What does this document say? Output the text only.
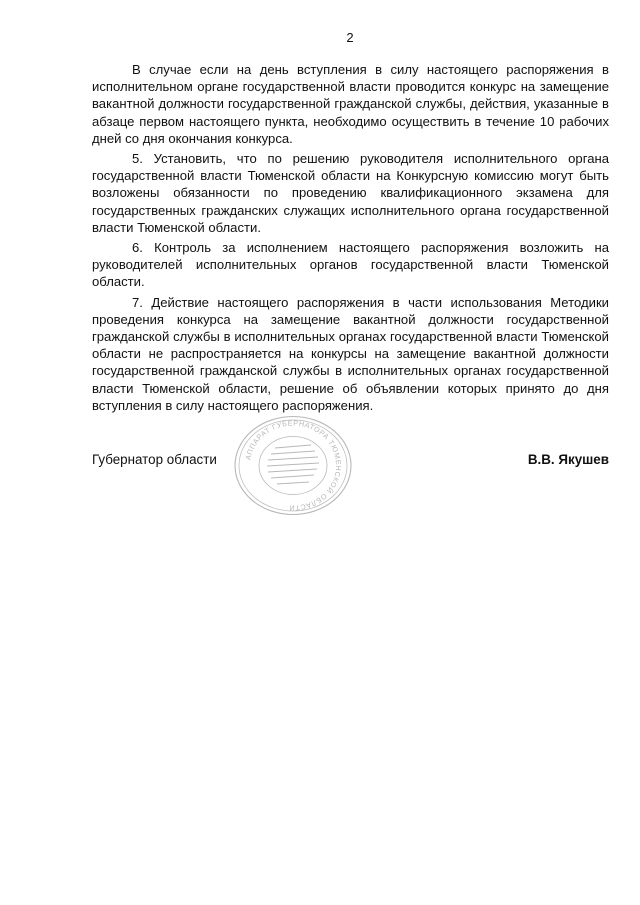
2

В случае если на день вступления в силу настоящего распоряжения в исполнительном органе государственной власти проводится конкурс на замещение вакантной должности государственной гражданской службы, действия, указанные в абзаце первом настоящего пункта, необходимо осуществить в течение 10 рабочих дней со дня окончания конкурса.

5. Установить, что по решению руководителя исполнительного органа государственной власти Тюменской области на Конкурсную комиссию могут быть возложены обязанности по проведению квалификационного экзамена для государственных гражданских служащих исполнительного органа государственной власти Тюменской области.

6. Контроль за исполнением настоящего распоряжения возложить на руководителей исполнительных органов государственной власти Тюменской области.

7. Действие настоящего распоряжения в части использования Методики проведения конкурса на замещение вакантной должности государственной гражданской службы в исполнительных органах государственной власти Тюменской области не распространяется на конкурсы на замещение вакантной должности государственной гражданской службы в исполнительных органах государственной власти Тюменской области, решение об объявлении которых принято до дня вступления в силу настоящего распоряжения.

Губернатор области	В.В. Якушев
АППАРАТ ГУБЕРНАТОРА ТЮМЕНСКОЙ ОБЛАСТИ
